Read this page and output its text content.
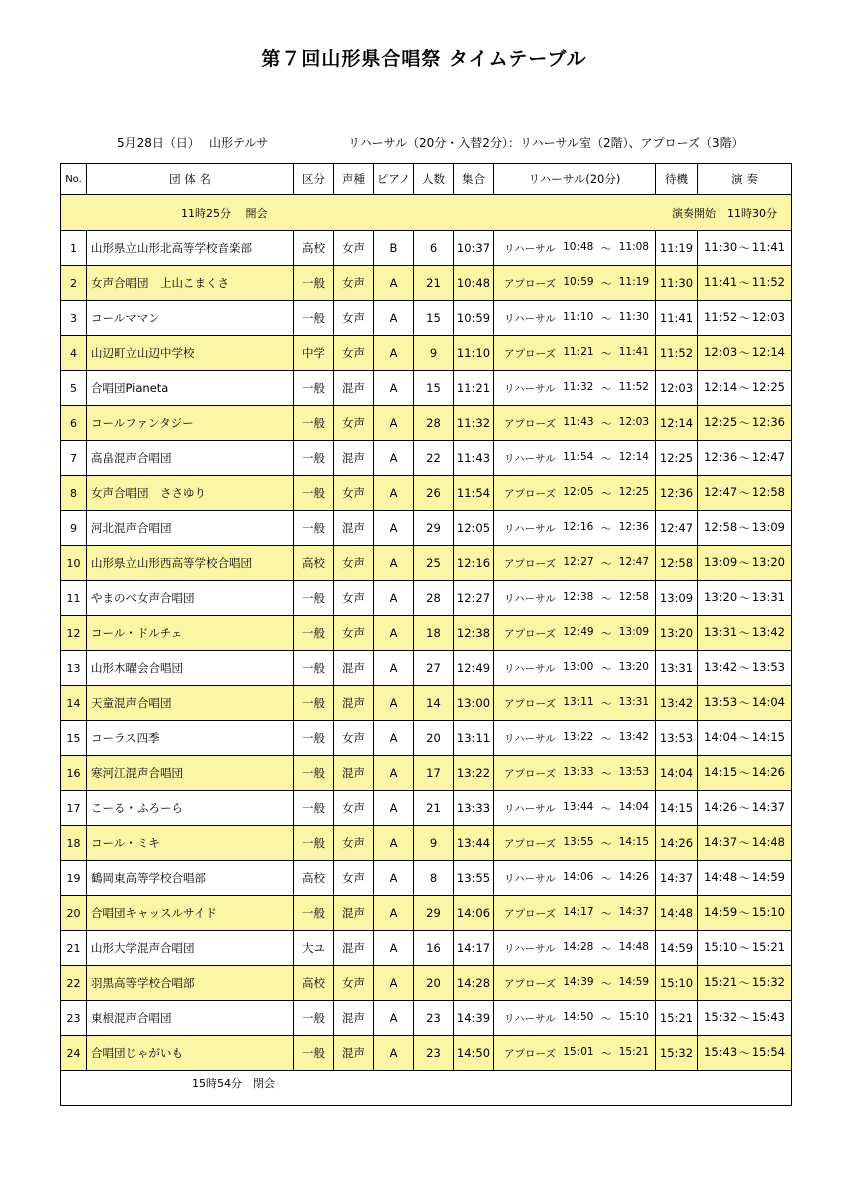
第７回山形県合唱祭 タイムテーブル
5月28日（日） 山形テルサ	リハーサル（20分・入替2分）：リハーサル室（2階）、アプローズ（3階）
No.	団 体 名	区分	声種	ピアノ	人数	集合	リハーサル(20分)	待機	演 奏

11時25分　 開会 演奏開始　11時30分									

1	山形県立山形北高等学校音楽部	高校	女声	B	6	10:37	リハーサル 10:48 ～ 11:08	11:19	11:30 ～ 11:41

2	女声合唱団　上山こまくさ	一般	女声	A	21	10:48	アプローズ 10:59 ～ 11:19	11:30	11:41 ～ 11:52

3	コールママン	一般	女声	A	15	10:59	リハーサル 11:10 ～ 11:30	11:41	11:52 ～ 12:03

4	山辺町立山辺中学校	中学	女声	A	9	11:10	アプローズ 11:21 ～ 11:41	11:52	12:03 ～ 12:14

5	合唱団Pianeta	一般	混声	A	15	11:21	リハーサル 11:32 ～ 11:52	12:03	12:14 ～ 12:25

6	コールファンタジー	一般	女声	A	28	11:32	アプローズ 11:43 ～ 12:03	12:14	12:25 ～ 12:36

7	高畠混声合唱団	一般	混声	A	22	11:43	リハーサル 11:54 ～ 12:14	12:25	12:36 ～ 12:47

8	女声合唱団　ささゆり	一般	女声	A	26	11:54	アプローズ 12:05 ～ 12:25	12:36	12:47 ～ 12:58

9	河北混声合唱団	一般	混声	A	29	12:05	リハーサル 12:16 ～ 12:36	12:47	12:58 ～ 13:09

10	山形県立山形西高等学校合唱団	高校	女声	A	25	12:16	アプローズ 12:27 ～ 12:47	12:58	13:09 ～ 13:20

11	やまのべ女声合唱団	一般	女声	A	28	12:27	リハーサル 12:38 ～ 12:58	13:09	13:20 ～ 13:31

12	コール・ドルチェ	一般	女声	A	18	12:38	アプローズ 12:49 ～ 13:09	13:20	13:31 ～ 13:42

13	山形木曜会合唱団	一般	混声	A	27	12:49	リハーサル 13:00 ～ 13:20	13:31	13:42 ～ 13:53

14	天童混声合唱団	一般	混声	A	14	13:00	アプローズ 13:11 ～ 13:31	13:42	13:53 ～ 14:04

15	コーラス四季	一般	女声	A	20	13:11	リハーサル 13:22 ～ 13:42	13:53	14:04 ～ 14:15

16	寒河江混声合唱団	一般	混声	A	17	13:22	アプローズ 13:33 ～ 13:53	14:04	14:15 ～ 14:26

17	こーる・ふろーら	一般	女声	A	21	13:33	リハーサル 13:44 ～ 14:04	14:15	14:26 ～ 14:37

18	コール・ミキ	一般	女声	A	9	13:44	アプローズ 13:55 ～ 14:15	14:26	14:37 ～ 14:48

19	鶴岡東高等学校合唱部	高校	女声	A	8	13:55	リハーサル 14:06 ～ 14:26	14:37	14:48 ～ 14:59

20	合唱団キャッスルサイド	一般	混声	A	29	14:06	アプローズ 14:17 ～ 14:37	14:48	14:59 ～ 15:10

21	山形大学混声合唱団	大ユ	混声	A	16	14:17	リハーサル 14:28 ～ 14:48	14:59	15:10 ～ 15:21

22	羽黒高等学校合唱部	高校	女声	A	20	14:28	アプローズ 14:39 ～ 14:59	15:10	15:21 ～ 15:32

23	東根混声合唱団	一般	混声	A	23	14:39	リハーサル 14:50 ～ 15:10	15:21	15:32 ～ 15:43

24	合唱団じゃがいも	一般	混声	A	23	14:50	アプローズ 15:01 ～ 15:21	15:32	15:43 ～ 15:54

15時54分　閉会									
